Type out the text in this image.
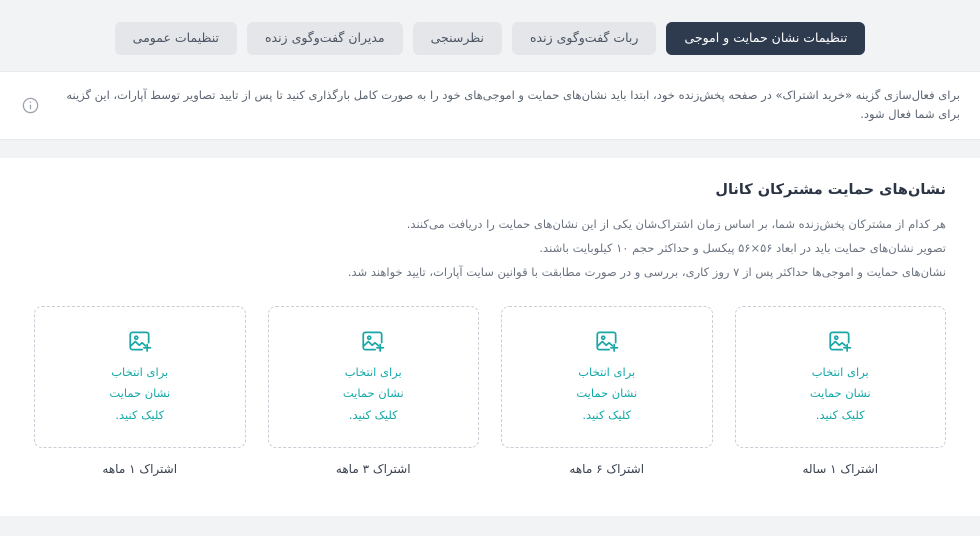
تنظیمات نشان حمایت و اموجی
ربات گفت‌وگوی زنده
نظرسنجی
مدیران گفت‌وگوی زنده
تنظیمات عمومی
برای فعال‌سازی گزینه «خرید اشتراک» در صفحه پخش‌زنده خود، ابتدا باید نشان‌های حمایت و اموجی‌های خود را به صورت کامل بارگذاری کنید تا پس از تایید تصاویر توسط آپارات، این گزینه برای شما فعال شود.
نشان‌های حمایت مشترکان کانال

هر کدام از مشترکان پخش‌زنده شما، بر اساس زمان اشتراک‌شان یکی از این نشان‌های حمایت را دریافت می‌کنند.

تصویر نشان‌های حمایت باید در ابعاد ۵۶×۵۶ پیکسل و حداکثر حجم ۱۰ کیلوبایت باشند.

نشان‌های حمایت و اموجی‌ها حداکثر پس از ۷ روز کاری، بررسی و در صورت مطابقت با قوانین سایت آپارات، تایید خواهند شد.

برای انتخاب نشان حمایت کلیک کنید.
اشتراک ۱ ساله
برای انتخاب نشان حمایت کلیک کنید.
اشتراک ۶ ماهه
برای انتخاب نشان حمایت کلیک کنید.
اشتراک ۳ ماهه
برای انتخاب نشان حمایت کلیک کنید.
اشتراک ۱ ماهه
